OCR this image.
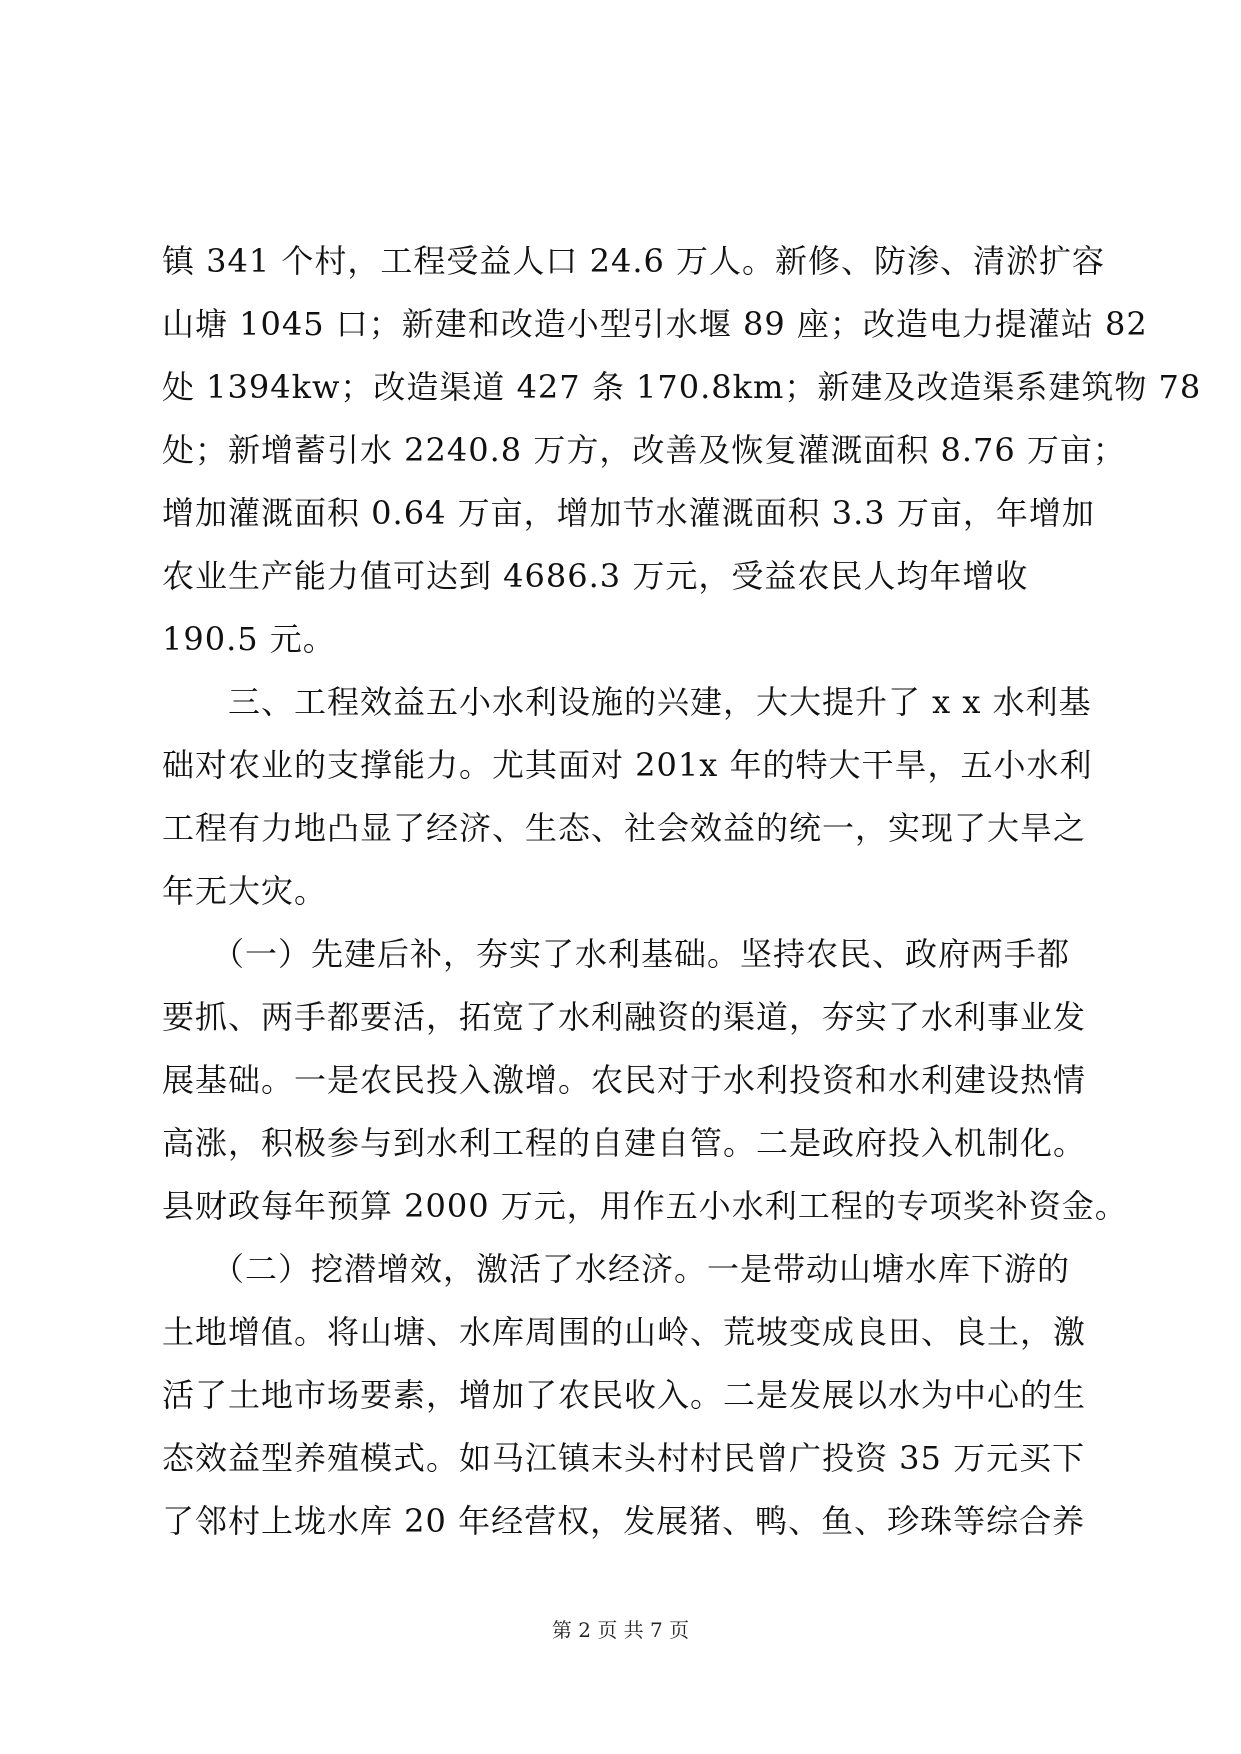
镇 341 个村，工程受益人口 24.6 万人。新修、防渗、清淤扩容
山塘 1045 口；新建和改造小型引水堰 89 座；改造电力提灌站 82
处 1394kw；改造渠道 427 条 170.8km；新建及改造渠系建筑物 78
处；新增蓄引水 2240.8 万方，改善及恢复灌溉面积 8.76 万亩；
增加灌溉面积 0.64 万亩，增加节水灌溉面积 3.3 万亩，年增加
农业生产能力值可达到 4686.3 万元，受益农民人均年增收
190.5 元。
　　三、工程效益五小水利设施的兴建，大大提升了 x x 水利基
础对农业的支撑能力。尤其面对 201x 年的特大干旱，五小水利
工程有力地凸显了经济、生态、社会效益的统一，实现了大旱之
年无大灾。
　　（一）先建后补，夯实了水利基础。坚持农民、政府两手都
要抓、两手都要活，拓宽了水利融资的渠道，夯实了水利事业发
展基础。一是农民投入激增。农民对于水利投资和水利建设热情
高涨，积极参与到水利工程的自建自管。二是政府投入机制化。
县财政每年预算 2000 万元，用作五小水利工程的专项奖补资金。
　　（二）挖潜增效，激活了水经济。一是带动山塘水库下游的
土地增值。将山塘、水库周围的山岭、荒坡变成良田、良土，激
活了土地市场要素，增加了农民收入。二是发展以水为中心的生
态效益型养殖模式。如马江镇末头村村民曾广投资 35 万元买下
了邻村上垅水库 20 年经营权，发展猪、鸭、鱼、珍珠等综合养
第 2 页 共 7 页
